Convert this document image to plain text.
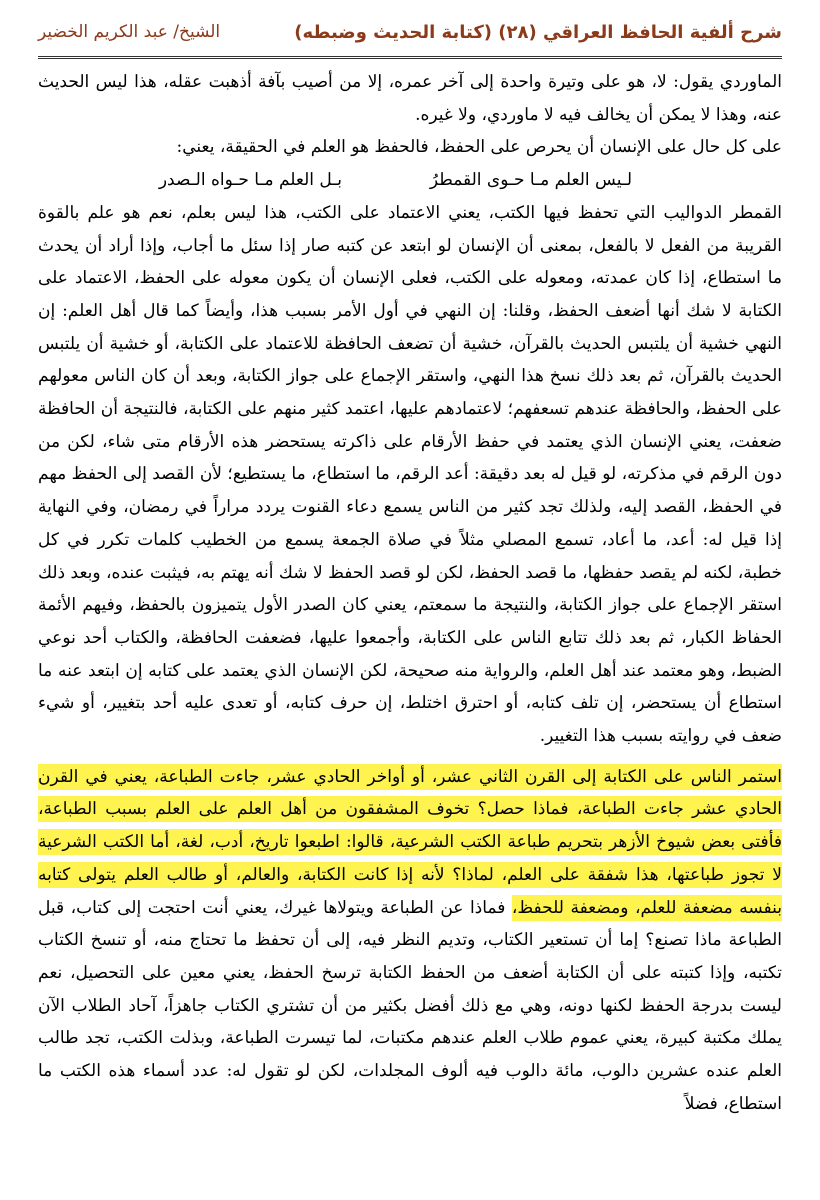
شرح ألفية الحافظ العراقي (٢٨) (كتابة الحديث وضبطه)
الشيخ/ عبد الكريم الخضير

الماوردي يقول: لا، هو على وتيرة واحدة إلى آخر عمره، إلا من أصيب بآفة أذهبت عقله، هذا ليس الحديث عنه، وهذا لا يمكن أن يخالف فيه لا ماوردي، ولا غيره.

على كل حال على الإنسان أن يحرص على الحفظ، فالحفظ هو العلم في الحقيقة، يعني:

لـيس العلم مـا حـوى القمطرُ
بـل العلم مـا حـواه الـصدر

القمطر الدواليب التي تحفظ فيها الكتب، يعني الاعتماد على الكتب، هذا ليس بعلم، نعم هو علم بالقوة القريبة من الفعل لا بالفعل، بمعنى أن الإنسان لو ابتعد عن كتبه صار إذا سئل ما أجاب، وإذا أراد أن يحدث ما استطاع، إذا كان عمدته، ومعوله على الكتب، فعلى الإنسان أن يكون معوله على الحفظ، الاعتماد على الكتابة لا شك أنها أضعف الحفظ، وقلنا: إن النهي في أول الأمر بسبب هذا، وأيضاً كما قال أهل العلم: إن النهي خشية أن يلتبس الحديث بالقرآن، خشية أن تضعف الحافظة للاعتماد على الكتابة، أو خشية أن يلتبس الحديث بالقرآن، ثم بعد ذلك نسخ هذا النهي، واستقر الإجماع على جواز الكتابة، وبعد أن كان الناس معولهم على الحفظ، والحافظة عندهم تسعفهم؛ لاعتمادهم عليها، اعتمد كثير منهم على الكتابة، فالنتيجة أن الحافظة ضعفت، يعني الإنسان الذي يعتمد في حفظ الأرقام على ذاكرته يستحضر هذه الأرقام متى شاء، لكن من دون الرقم في مذكرته، لو قيل له بعد دقيقة: أعد الرقم، ما استطاع، ما يستطيع؛ لأن القصد إلى الحفظ مهم في الحفظ، القصد إليه، ولذلك تجد كثير من الناس يسمع دعاء القنوت يردد مراراً في رمضان، وفي النهاية إذا قيل له: أعد، ما أعاد، تسمع المصلي مثلاً في صلاة الجمعة يسمع من الخطيب كلمات تكرر في كل خطبة، لكنه لم يقصد حفظها، ما قصد الحفظ، لكن لو قصد الحفظ لا شك أنه يهتم به، فيثبت عنده، وبعد ذلك استقر الإجماع على جواز الكتابة، والنتيجة ما سمعتم، يعني كان الصدر الأول يتميزون بالحفظ، وفيهم الأئمة الحفاظ الكبار، ثم بعد ذلك تتابع الناس على الكتابة، وأجمعوا عليها، فضعفت الحافظة، والكتاب أحد نوعي الضبط، وهو معتمد عند أهل العلم، والرواية منه صحيحة، لكن الإنسان الذي يعتمد على كتابه إن ابتعد عنه ما استطاع أن يستحضر، إن تلف كتابه، أو احترق اختلط، إن حرف كتابه، أو تعدى عليه أحد بتغيير، أو شيء ضعف في روايته بسبب هذا التغيير.

استمر الناس على الكتابة إلى القرن الثاني عشر، أو أواخر الحادي عشر، جاءت الطباعة، يعني في القرن الحادي عشر جاءت الطباعة، فماذا حصل؟ تخوف المشفقون من أهل العلم على العلم بسبب الطباعة، فأفتى بعض شيوخ الأزهر بتحريم طباعة الكتب الشرعية، قالوا: اطبعوا تاريخ، أدب، لغة، أما الكتب الشرعية لا تجوز طباعتها، هذا شفقة على العلم، لماذا؟ لأنه إذا كانت الكتابة، والعالم، أو طالب العلم يتولى كتابه بنفسه مضعفة للعلم، ومضعفة للحفظ، فماذا عن الطباعة ويتولاها غيرك، يعني أنت احتجت إلى كتاب، قبل الطباعة ماذا تصنع؟ إما أن تستعير الكتاب، وتديم النظر فيه، إلى أن تحفظ ما تحتاج منه، أو تنسخ الكتاب تكتبه، وإذا كتبته على أن الكتابة أضعف من الحفظ الكتابة ترسخ الحفظ، يعني معين على التحصيل، نعم ليست بدرجة الحفظ لكنها دونه، وهي مع ذلك أفضل بكثير من أن تشتري الكتاب جاهزاً، آحاد الطلاب الآن يملك مكتبة كبيرة، يعني عموم طلاب العلم عندهم مكتبات، لما تيسرت الطباعة، وبذلت الكتب، تجد طالب العلم عنده عشرين دالوب، مائة دالوب فيه ألوف المجلدات، لكن لو تقول له: عدد أسماء هذه الكتب ما استطاع، فضلاً
